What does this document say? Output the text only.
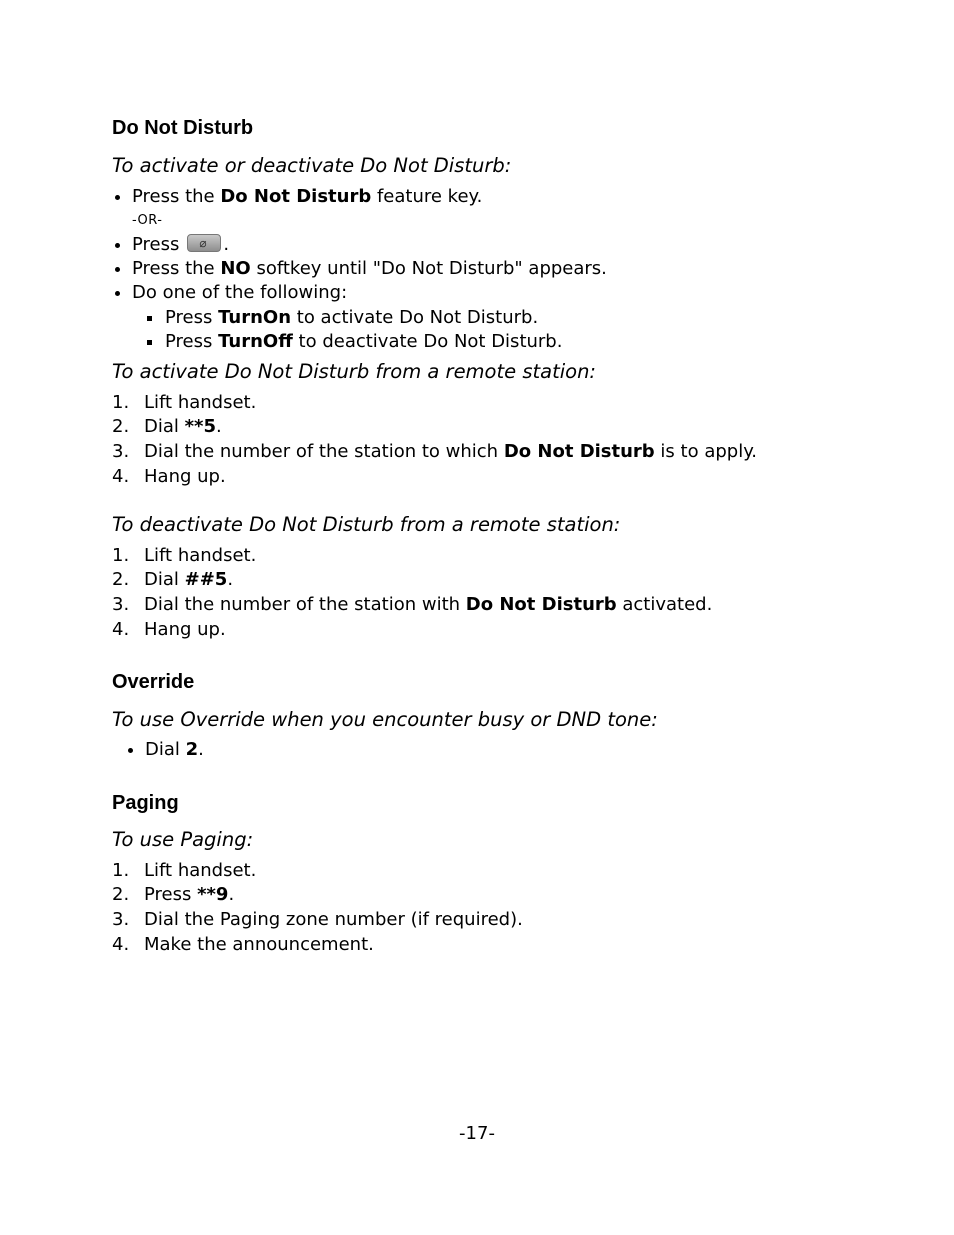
Do Not Disturb

To activate or deactivate Do Not Disturb:

Press the Do Not Disturb feature key.
-OR-
Press⌀ .
Press the NO softkey until "Do Not Disturb" appears.
Do one of the following:
Press TurnOn to activate Do Not Disturb.
Press TurnOff to deactivate Do Not Disturb.

To activate Do Not Disturb from a remote station:

1. Lift handset.
2. Dial **5.
3. Dial the number of the station to which Do Not Disturb is to apply.
4. Hang up.

To deactivate Do Not Disturb from a remote station:

1. Lift handset.
2. Dial ##5.
3. Dial the number of the station with Do Not Disturb activated.
4. Hang up.
Override

To use Override when you encounter busy or DND tone:

Dial 2.
Paging

To use Paging:

1. Lift handset.
2. Press **9.
3. Dial the Paging zone number (if required).
4. Make the announcement.
-17-
